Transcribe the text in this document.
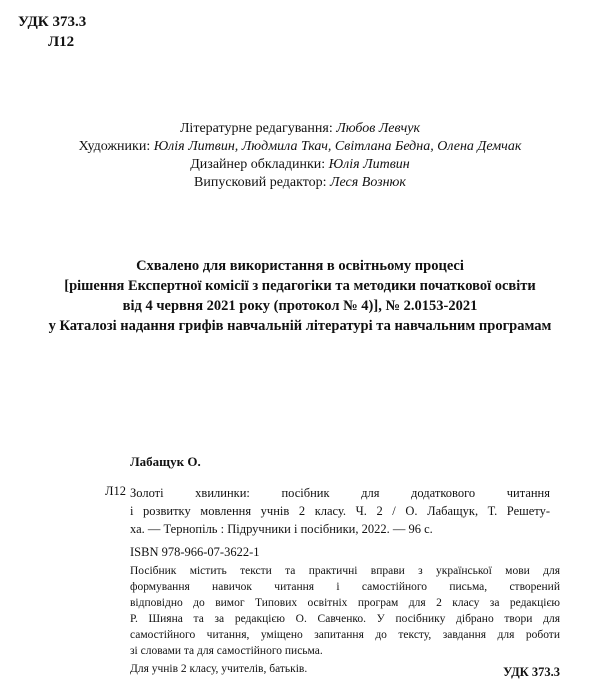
УДК 373.3
Л12
Літературне редагування: Любов Левчук
Художники: Юлія Литвин, Людмила Ткач, Світлана Бедна, Олена Демчак
Дизайнер обкладинки: Юлія Литвин
Випусковий редактор: Леся Вознюк
Схвалено для використання в освітньому процесі
[рішення Експертної комісії з педагогіки та методики початкової освіти
від 4 червня 2021 року (протокол № 4)], № 2.0153-2021
у Каталозі надання грифів навчальній літературі та навчальним програмам
Лабащук О.
Л12 Золоті хвилинки: посібник для додаткового читання
і розвитку мовлення учнів 2 класу. Ч. 2 / О. Лабащук, Т. Решету-
ха. — Тернопіль : Підручники і посібники, 2022. — 96 с.
ISBN 978-966-07-3622-1
Посібник містить тексти та практичні вправи з української мови для
формування навичок читання і самостійного письма, створений
відповідно до вимог Типових освітніх програм для 2 класу за редакцією
Р. Шияна та за редакцією О. Савченко. У посібнику дібрано твори для
самостійного читання, уміщено запитання до тексту, завдання для роботи
зі словами та для самостійного письма.
Для учнів 2 класу, учителів, батьків.	УДК 373.3
